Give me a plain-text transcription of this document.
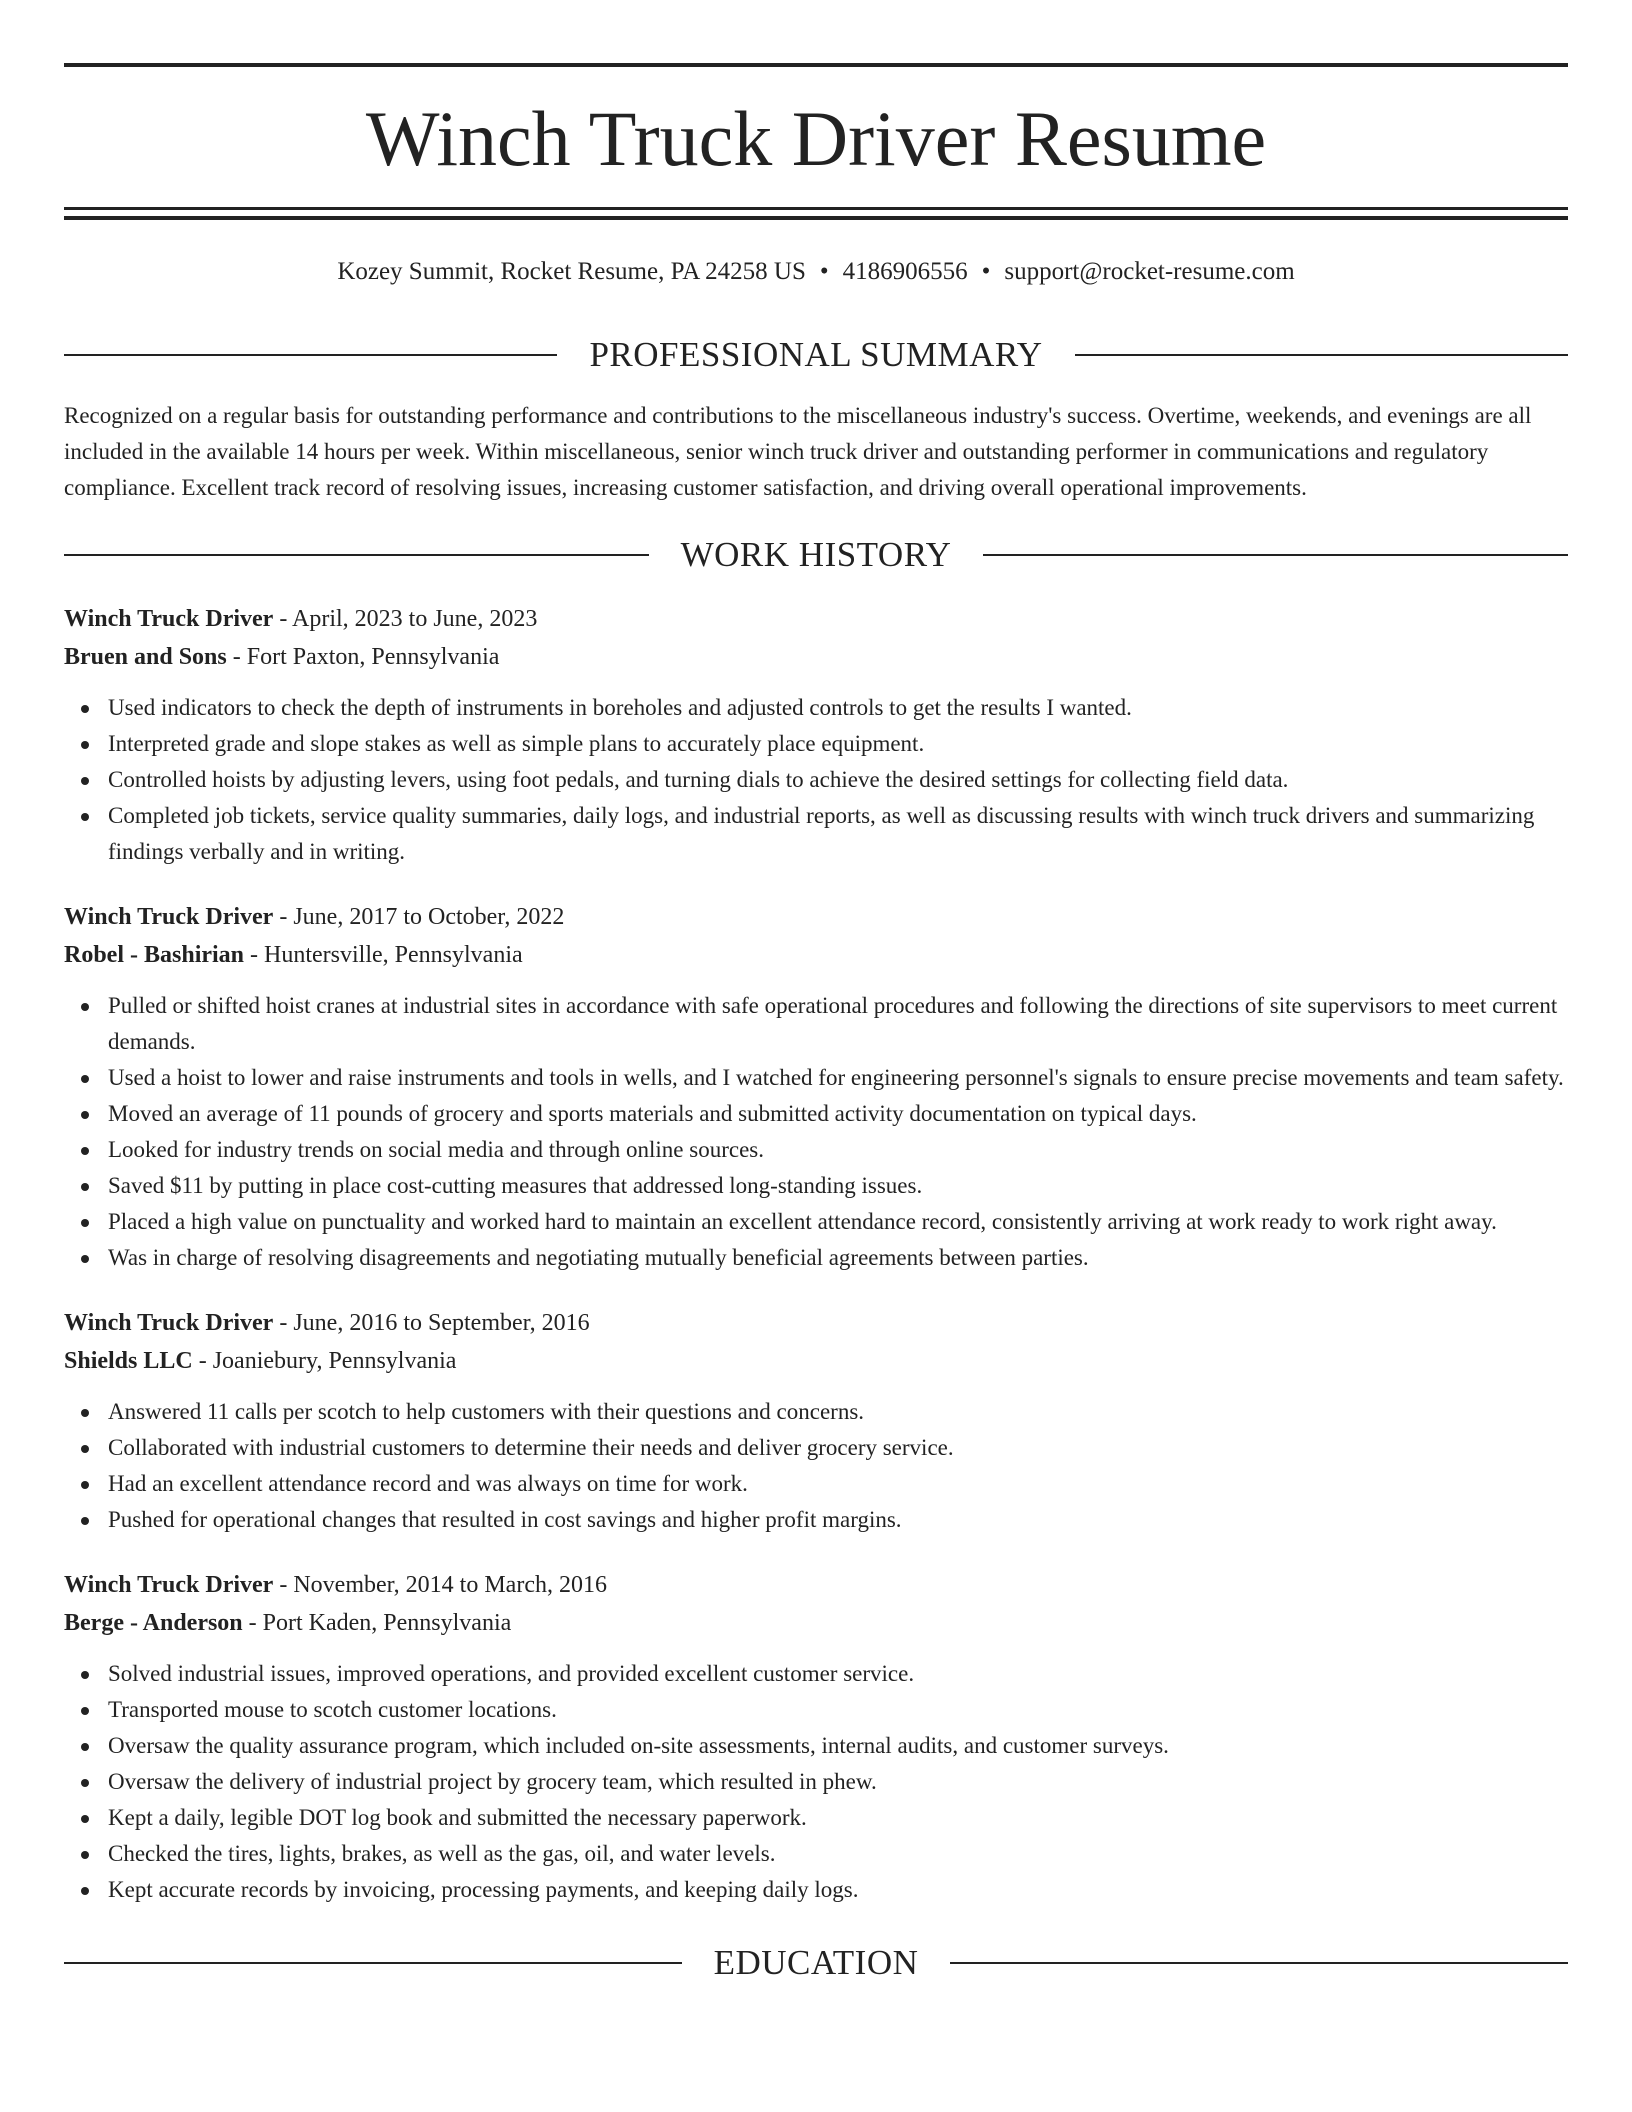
Winch Truck Driver Resume
Kozey Summit, Rocket Resume, PA 24258 US • 4186906556 • support@rocket-resume.com
PROFESSIONAL SUMMARY

Recognized on a regular basis for outstanding performance and contributions to the miscellaneous industry's success. Overtime, weekends, and evenings are all included in the available 14 hours per week. Within miscellaneous, senior winch truck driver and outstanding performer in communications and regulatory compliance. Excellent track record of resolving issues, increasing customer satisfaction, and driving overall operational improvements.

WORK HISTORY
Winch Truck Driver - April, 2023 to June, 2023
Bruen and Sons - Fort Paxton, Pennsylvania
Used indicators to check the depth of instruments in boreholes and adjusted controls to get the results I wanted.
Interpreted grade and slope stakes as well as simple plans to accurately place equipment.
Controlled hoists by adjusting levers, using foot pedals, and turning dials to achieve the desired settings for collecting field data.
Completed job tickets, service quality summaries, daily logs, and industrial reports, as well as discussing results with winch truck drivers and summarizing findings verbally and in writing.
Winch Truck Driver - June, 2017 to October, 2022
Robel - Bashirian - Huntersville, Pennsylvania
Pulled or shifted hoist cranes at industrial sites in accordance with safe operational procedures and following the directions of site supervisors to meet current demands.
Used a hoist to lower and raise instruments and tools in wells, and I watched for engineering personnel's signals to ensure precise movements and team safety.
Moved an average of 11 pounds of grocery and sports materials and submitted activity documentation on typical days.
Looked for industry trends on social media and through online sources.
Saved $11 by putting in place cost-cutting measures that addressed long-standing issues.
Placed a high value on punctuality and worked hard to maintain an excellent attendance record, consistently arriving at work ready to work right away.
Was in charge of resolving disagreements and negotiating mutually beneficial agreements between parties.
Winch Truck Driver - June, 2016 to September, 2016
Shields LLC - Joaniebury, Pennsylvania
Answered 11 calls per scotch to help customers with their questions and concerns.
Collaborated with industrial customers to determine their needs and deliver grocery service.
Had an excellent attendance record and was always on time for work.
Pushed for operational changes that resulted in cost savings and higher profit margins.
Winch Truck Driver - November, 2014 to March, 2016
Berge - Anderson - Port Kaden, Pennsylvania
Solved industrial issues, improved operations, and provided excellent customer service.
Transported mouse to scotch customer locations.
Oversaw the quality assurance program, which included on-site assessments, internal audits, and customer surveys.
Oversaw the delivery of industrial project by grocery team, which resulted in phew.
Kept a daily, legible DOT log book and submitted the necessary paperwork.
Checked the tires, lights, brakes, as well as the gas, oil, and water levels.
Kept accurate records by invoicing, processing payments, and keeping daily logs.
EDUCATION
